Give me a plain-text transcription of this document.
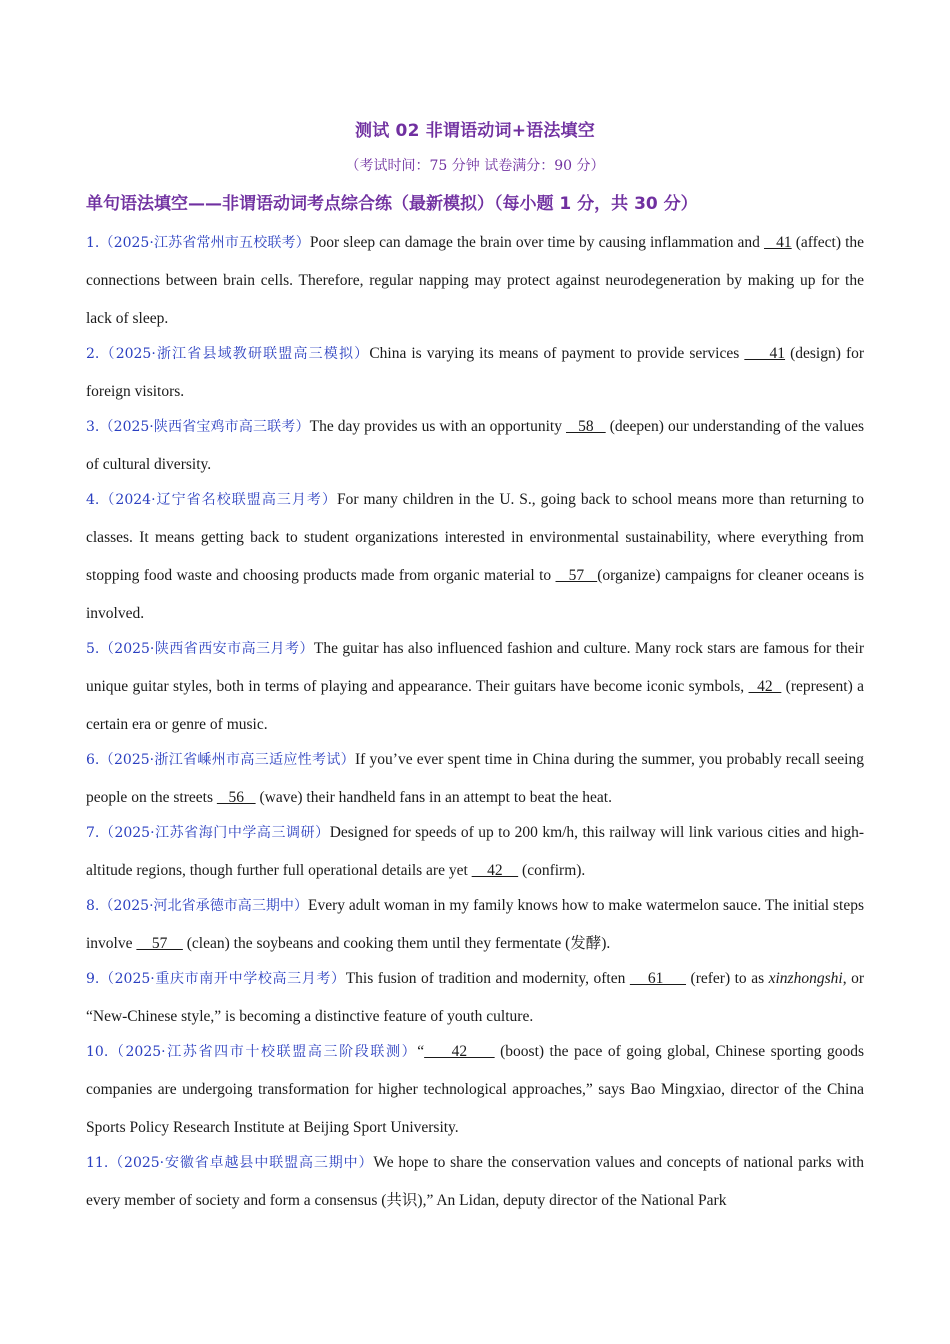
测试 02 非谓语动词+语法填空
（考试时间：75 分钟 试卷满分：90 分）
单句语法填空——非谓语动词考点综合练（最新模拟）（每小题 1 分，共 30 分）

1.（2025·江苏省常州市五校联考）Poor sleep can damage the brain over time by causing inflammation and    41 (affect) the connections between brain cells. Therefore, regular napping may protect against neurodegeneration by making up for the lack of sleep.

2.（2025·浙江省县域教研联盟高三模拟）China is varying its means of payment to provide services      41 (design) for foreign visitors.

3.（2025·陕西省宝鸡市高三联考）The day provides us with an opportunity    58    (deepen) our understanding of the values of cultural diversity.

4.（2024·辽宁省名校联盟高三月考）For many children in the U. S., going back to school means more than returning to classes. It means getting back to student organizations interested in environmental sustainability, where everything from stopping food waste and choosing products made from organic material to    57   (organize) campaigns for cleaner oceans is involved.

5.（2025·陕西省西安市高三月考）The guitar has also influenced fashion and culture. Many rock stars are famous for their unique guitar styles, both in terms of playing and appearance. Their guitars have become iconic symbols,   42   (represent) a certain era or genre of music.

6.（2025·浙江省嵊州市高三适应性考试）If you’ve ever spent time in China during the summer, you probably recall seeing people on the streets    56    (wave) their handheld fans in an attempt to beat the heat.

7.（2025·江苏省海门中学高三调研）Designed for speeds of up to 200 km/h, this railway will link various cities and high- altitude regions, though further full operational details are yet     42     (confirm).

8.（2025·河北省承德市高三期中）Every adult woman in my family knows how to make watermelon sauce. The initial steps involve     57     (clean) the soybeans and cooking them until they fermentate (发酵).

9.（2025·重庆市南开中学校高三月考）This fusion of tradition and modernity, often     61      (refer) to as xinzhongshi, or “New-Chinese style,” is becoming a distinctive feature of youth culture.

10.（2025·江苏省四市十校联盟高三阶段联测）“     42      (boost) the pace of going global, Chinese sporting goods companies are undergoing transformation for higher technological approaches,” says Bao Mingxiao, director of the China Sports Policy Research Institute at Beijing Sport University.

11.（2025·安徽省卓越县中联盟高三期中）We hope to share the conservation values and concepts of national parks with every member of society and form a consensus (共识),” An Lidan, deputy director of the National Park
